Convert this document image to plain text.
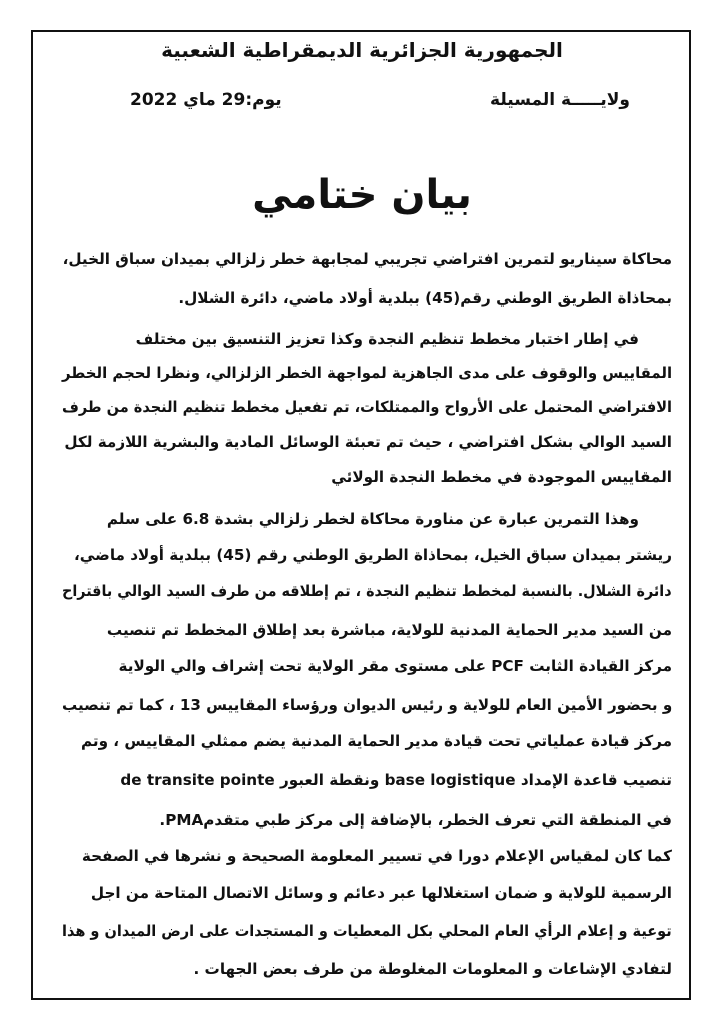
الجمهورية الجزائرية الديمقراطية الشعبية
ولايـــــة المسيلة
يوم:29 ماي 2022
بيان ختامي
محاكاة سيناريو لتمرين افتراضي تجريبي لمجابهة خطر زلزالي بميدان سباق الخيل،
بمحاذاة الطريق الوطني رقم(45) ببلدية أولاد ماضي، دائرة الشلال.
في إطار اختبار مخطط تنظيم النجدة وكذا تعزيز التنسيق بين مختلف
المقاييس والوقوف على مدى الجاهزية لمواجهة الخطر الزلزالي، ونظرا لحجم الخطر
الافتراضي المحتمل على الأرواح والممتلكات، تم تفعيل مخطط تنظيم النجدة من طرف
السيد الوالي بشكل افتراضي ، حيث تم تعبئة الوسائل المادية والبشرية اللازمة لكل
المقاييس الموجودة في مخطط النجدة الولائي
وهذا التمرين عبارة عن مناورة محاكاة لخطر زلزالي بشدة 6.8 على سلم
ريشتر بميدان سباق الخيل، بمحاذاة الطريق الوطني رقم (45) ببلدية أولاد ماضي،
دائرة الشلال. بالنسبة لمخطط تنظيم النجدة ، تم إطلاقه من طرف السيد الوالي باقتراح
من السيد مدير الحماية المدنية للولاية، مباشرة بعد إطلاق المخطط تم تنصيب
مركز القيادة الثابت PCF على مستوى مقر الولاية تحت إشراف والي الولاية
و بحضور الأمين العام للولاية و رئيس الديوان ورؤساء المقاييس 13 ، كما تم تنصيب
مركز قيادة عملياتي تحت قيادة مدير الحماية المدنية يضم ممثلي المقاييس ، وتم
تنصيب قاعدة الإمداد base logistique ونقطة العبور de transite pointe
في المنطقة التي تعرف الخطر، بالإضافة إلى مركز طبي متقدمPMA.
كما كان لمقياس الإعلام دورا في تسيير المعلومة الصحيحة و نشرها في الصفحة
الرسمية للولاية و ضمان استغلالها عبر دعائم و وسائل الاتصال المتاحة من اجل
توعية و إعلام الرأي العام المحلي بكل المعطيات و المستجدات على ارض الميدان و هذا
لتفادي الإشاعات و المعلومات المغلوطة من طرف بعض الجهات .
